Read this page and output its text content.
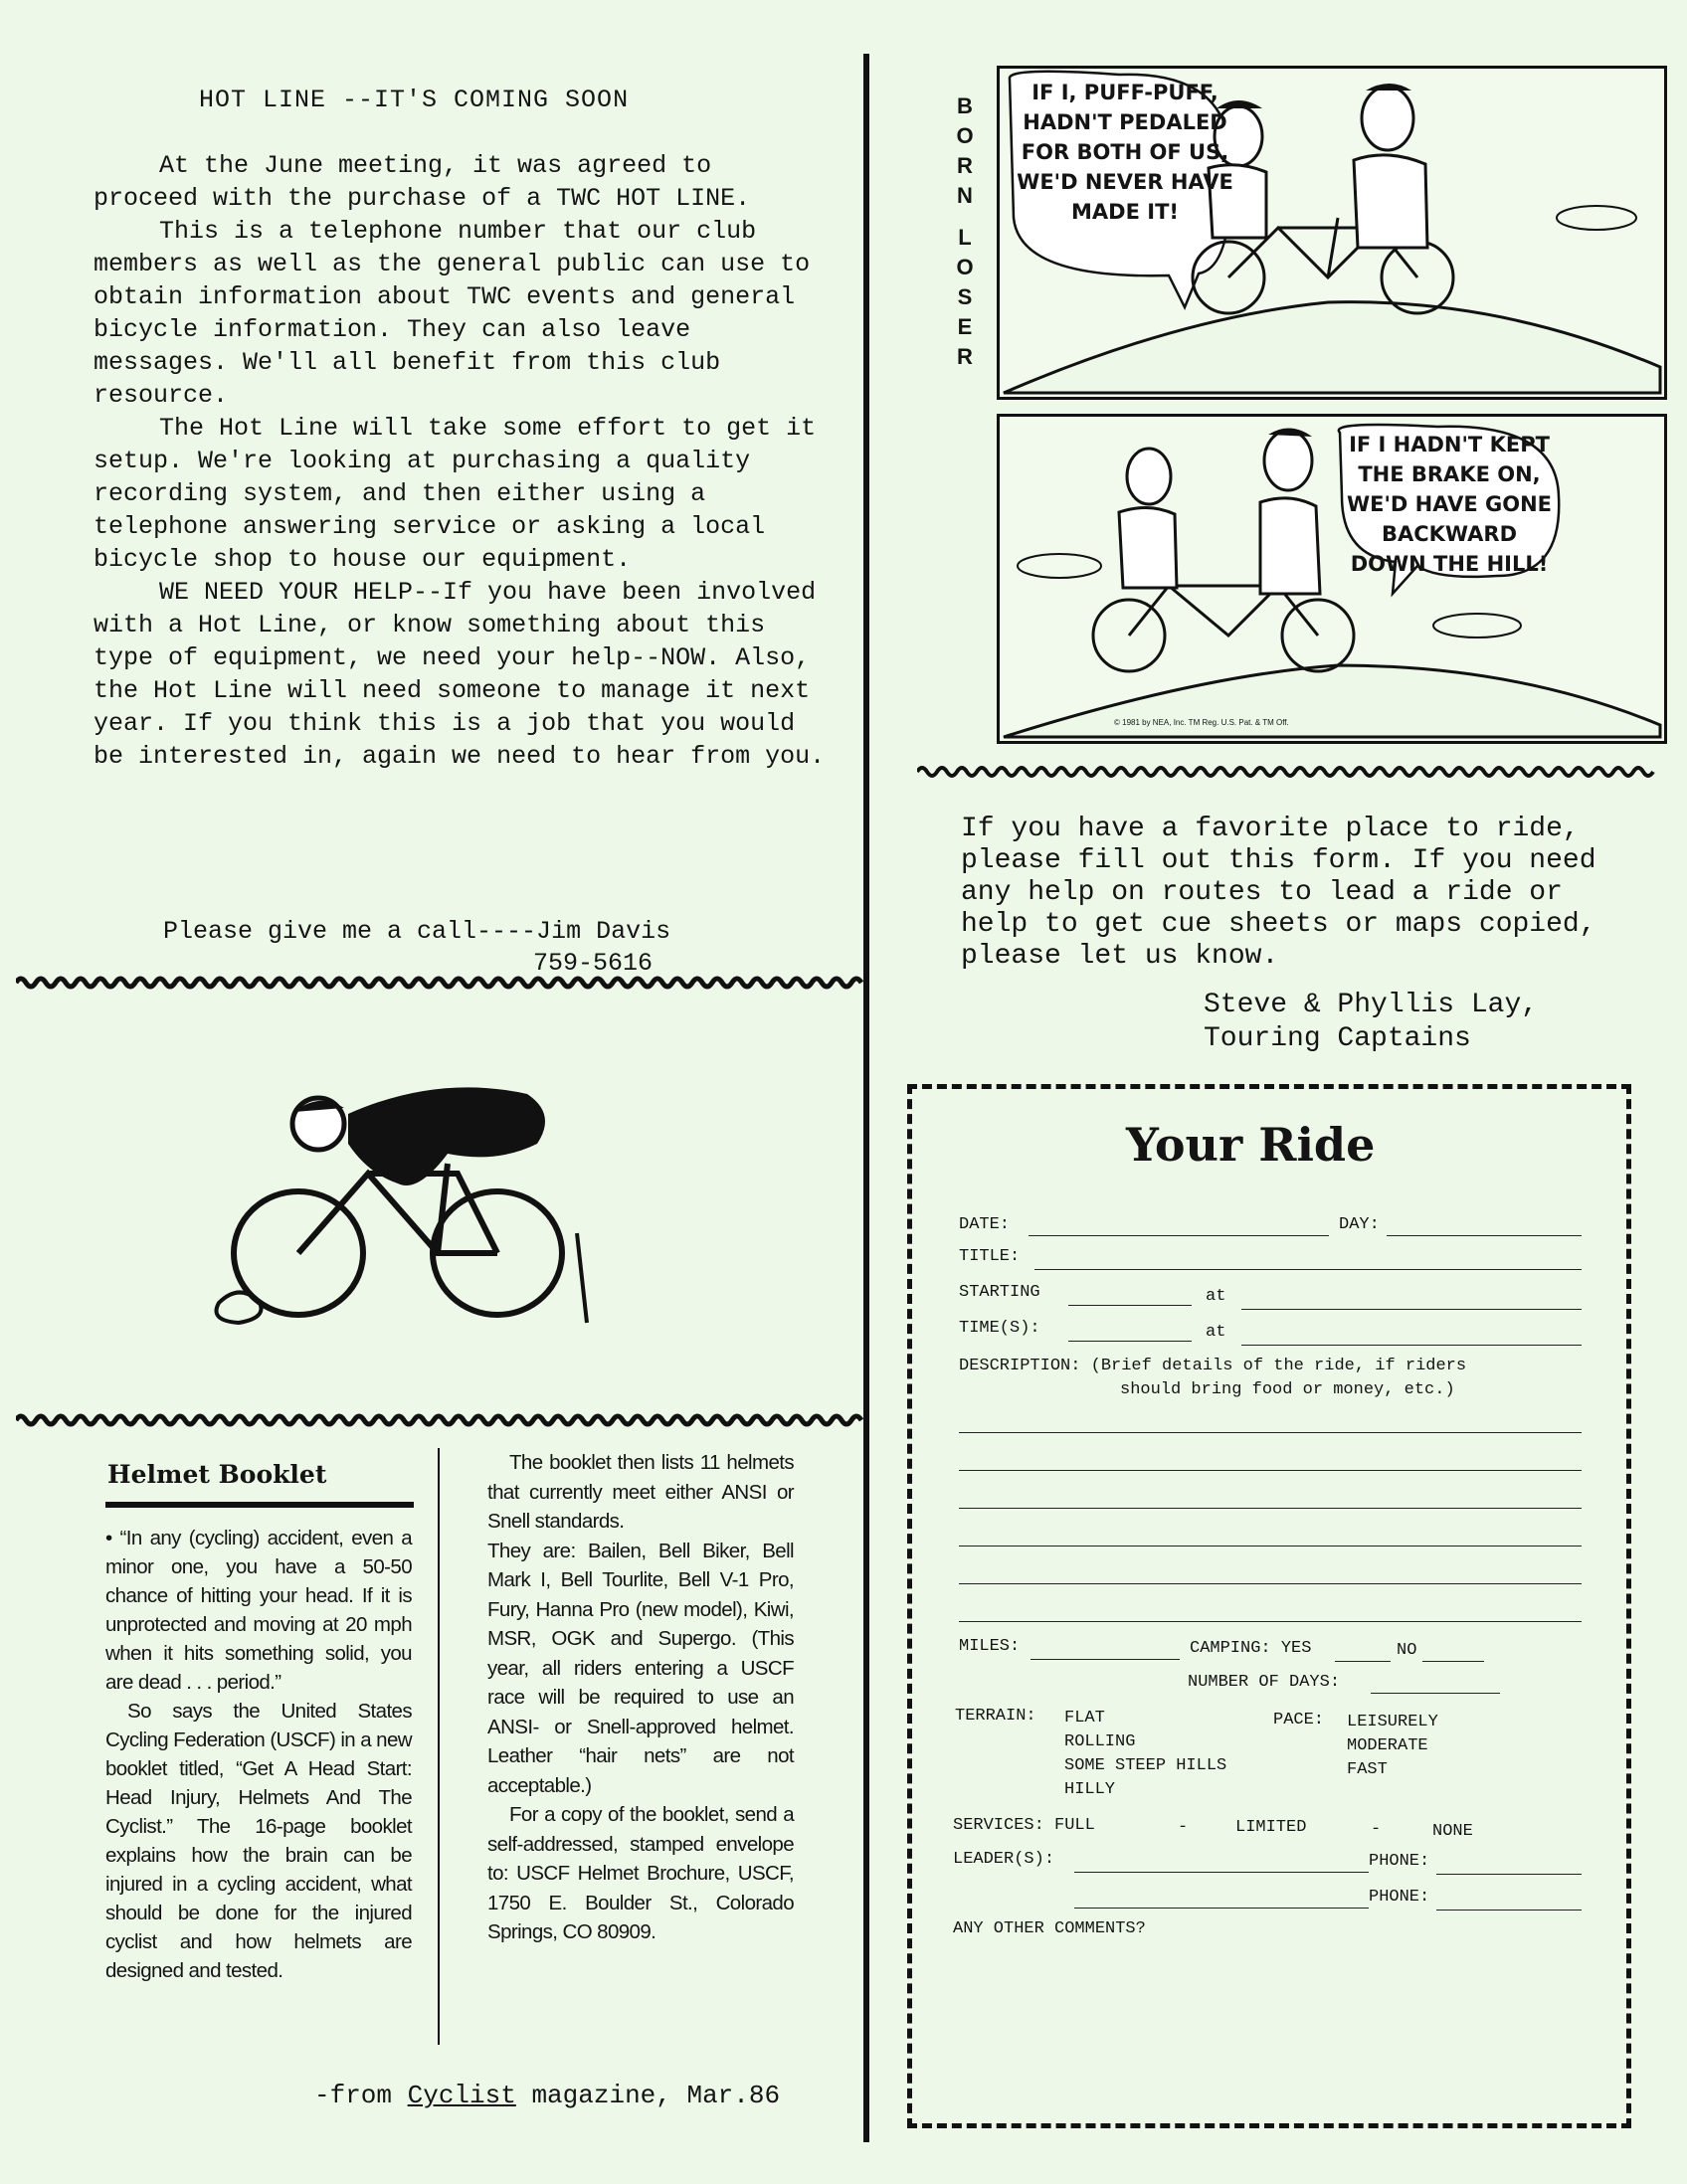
HOT LINE --IT'S COMING SOON

At the June meeting, it was agreed to proceed with the purchase of a TWC HOT LINE.

This is a telephone number that our club members as well as the general public can use to obtain information about TWC events and general bicycle information. They can also leave messages. We'll all benefit from this club resource.

The Hot Line will take some effort to get it setup. We're looking at purchasing a quality recording system, and then either using a telephone answering service or asking a local bicycle shop to house our equipment.

WE NEED YOUR HELP--If you have been involved with a Hot Line, or know something about this type of equipment, we need your help--NOW. Also, the Hot Line will need someone to manage it next year. If you think this is a job that you would be interested in, again we need to hear from you.

Please give me a call----Jim Davis
759-5616
B
O
R
N

L
O
S
E
R
IF I, PUFF-PUFF, HADN'T PEDALED FOR BOTH OF US, WE'D NEVER HAVE MADE IT!
IF I HADN'T KEPT THE BRAKE ON, WE'D HAVE GONE BACKWARD DOWN THE HILL!
© 1981 by NEA, Inc. TM Reg. U.S. Pat. & TM Off.
If you have a favorite place to ride, please fill out this form. If you need any help on routes to lead a ride or help to get cue sheets or maps copied, please let us know.
Steve & Phyllis Lay,
Touring Captains
Your Ride
DATE:	DAY:
TITLE:
STARTING	at
TIME(S):	at
DESCRIPTION: (Brief details of the ride, if riders
should bring food or money, etc.)
MILES:	CAMPING: YES	NO
NUMBER OF DAYS:
TERRAIN: FLAT
ROLLING
SOME STEEP HILLS
HILLY
PACE: LEISURELY
MODERATE
FAST
SERVICES: FULL	-	LIMITED	-	NONE
LEADER(S):	PHONE:
PHONE:
ANY OTHER COMMENTS?
Helmet Booklet

• “In any (cycling) accident, even a minor one, you have a 50-50 chance of hitting your head. If it is unprotected and moving at 20 mph when it hits something solid, you are dead . . . period.”

So says the United States Cycling Federation (USCF) in a new booklet titled, “Get A Head Start: Head Injury, Helmets And The Cyclist.” The 16-page booklet explains how the brain can be injured in a cycling accident, what should be done for the injured cyclist and how helmets are designed and tested.

The booklet then lists 11 helmets that currently meet either ANSI or Snell standards.

They are: Bailen, Bell Biker, Bell Mark I, Bell Tourlite, Bell V-1 Pro, Fury, Hanna Pro (new model), Kiwi, MSR, OGK and Supergo. (This year, all riders entering a USCF race will be required to use an ANSI- or Snell-approved helmet. Leather “hair nets” are not acceptable.)

For a copy of the booklet, send a self-addressed, stamped envelope to: USCF Helmet Brochure, USCF, 1750 E. Boulder St., Colorado Springs, CO 80909.

-from Cyclist magazine, Mar.86
